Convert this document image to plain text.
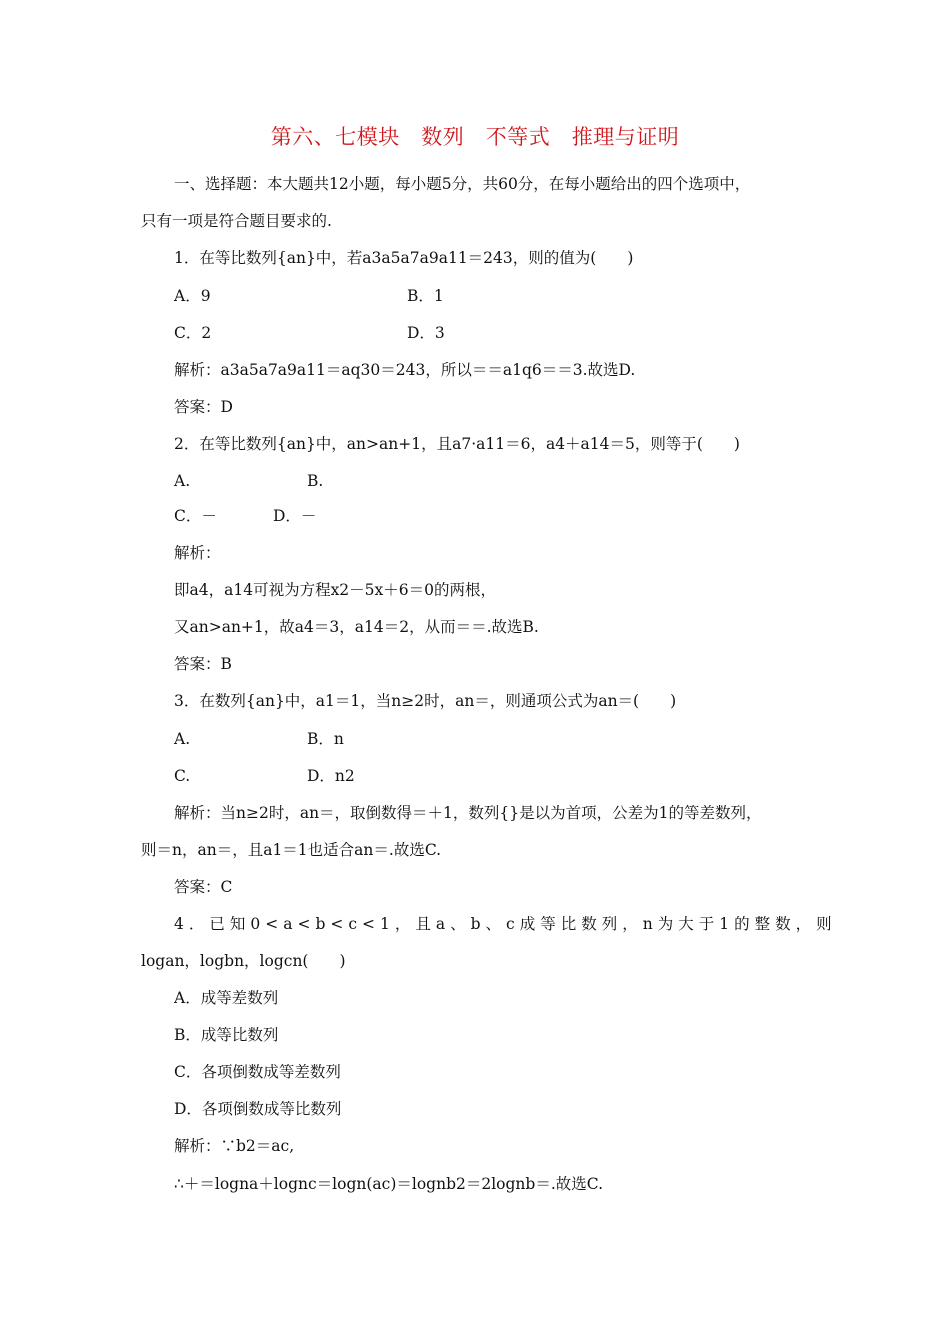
第六、七模块　数列　不等式　推理与证明
一、选择题：本大题共12小题，每小题5分，共60分，在每小题给出的四个选项中，
只有一项是符合题目要求的.
1．在等比数列{an}中，若a3a5a7a9a11＝243，则的值为(　　)
A．9	B．1
C．2	D．3
解析：a3a5a7a9a11＝aq30＝243，所以＝＝a1q6＝＝3.故选D.
答案：D
2．在等比数列{an}中，an>an+1，且a7·a11＝6，a4＋a14＝5，则等于(　　)
A.	B.
C．－	D．－
解析：
即a4，a14可视为方程x2－5x＋6＝0的两根，
又an>an+1，故a4＝3，a14＝2，从而＝＝.故选B.
答案：B
3．在数列{an}中，a1＝1，当n≥2时，an＝，则通项公式为an＝(　　)
A.	B．n
C.	D．n2
解析：当n≥2时，an＝，取倒数得＝＋1，数列{}是以为首项，公差为1的等差数列，
则＝n，an＝，且a1＝1也适合an＝.故选C.
答案：C
4．已知0<a<b<c<1，且a、b、c成等比数列，n为大于1的整数，则
logan，logbn，logcn(　　)
A．成等差数列
B．成等比数列
C．各项倒数成等差数列
D．各项倒数成等比数列
解析：∵b2＝ac,
∴＋＝logna＋lognc＝logn(ac)＝lognb2＝2lognb＝.故选C.
